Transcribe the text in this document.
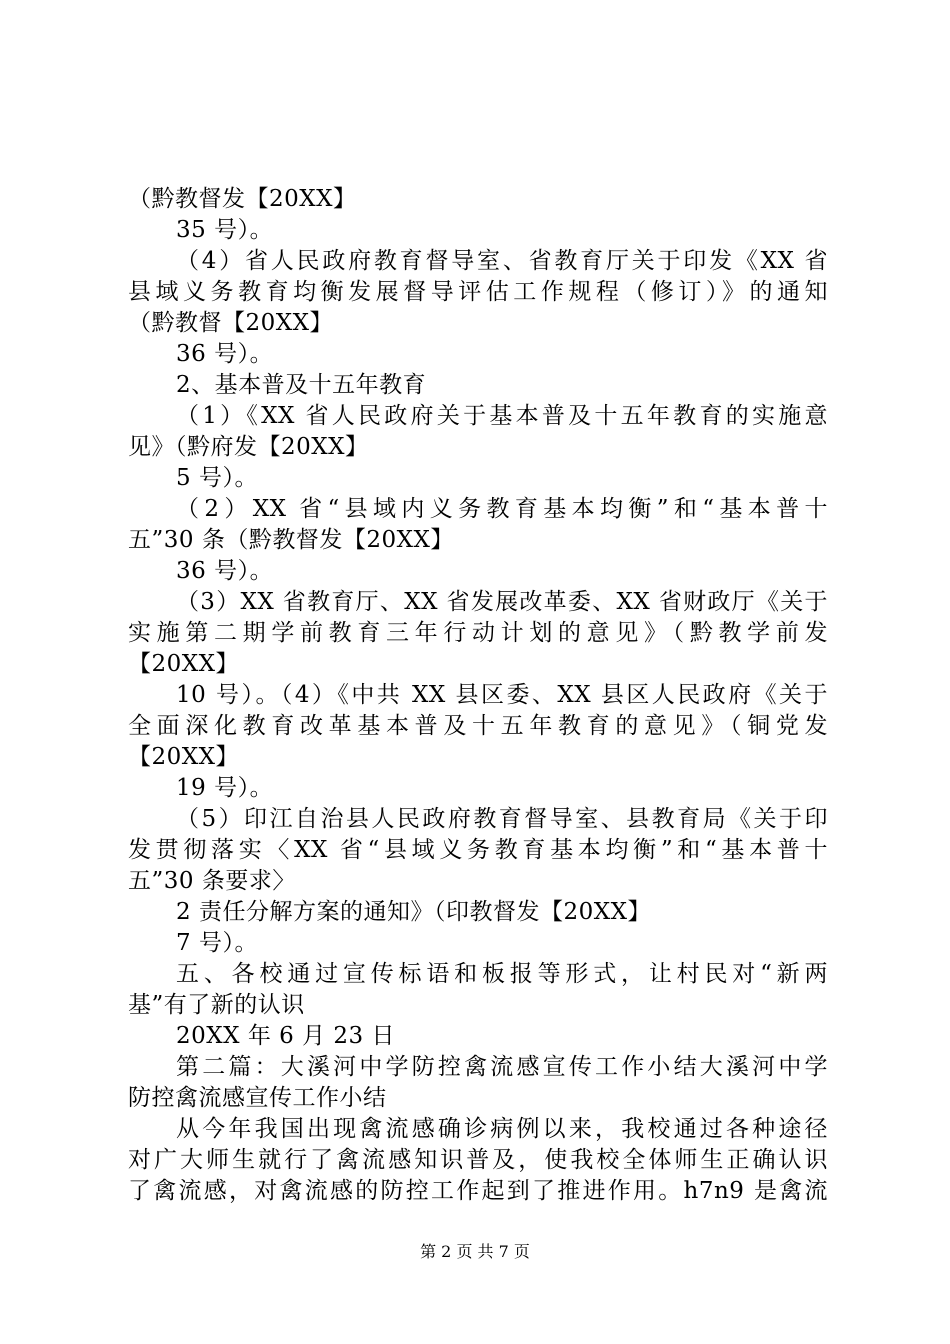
（黔教督发【20XX】
35 号）。
（4）省人民政府教育督导室、省教育厅关于印发《XX 省
县域义务教育均衡发展督导评估工作规程（修订）》的通知
（黔教督【20XX】
36 号）。
2、基本普及十五年教育
（1）《XX 省人民政府关于基本普及十五年教育的实施意
见》（黔府发【20XX】
5 号）。
（2）XX 省“县域内义务教育基本均衡”和“基本普十
五”30 条（黔教督发【20XX】
36 号）。
（3）XX 省教育厅、XX 省发展改革委、XX 省财政厅《关于
实施第二期学前教育三年行动计划的意见》（黔教学前发
【20XX】
10 号）。（4）《中共 XX 县区委、XX 县区人民政府《关于
全面深化教育改革基本普及十五年教育的意见》（铜党发
【20XX】
19 号）。
（5）印江自治县人民政府教育督导室、县教育局《关于印
发贯彻落实〈XX 省“县域义务教育基本均衡”和“基本普十
五”30 条要求〉
2 责任分解方案的通知》（印教督发【20XX】
7 号）。
五、各校通过宣传标语和板报等形式，让村民对“新两
基”有了新的认识
20XX 年 6 月 23 日
第二篇：大溪河中学防控禽流感宣传工作小结大溪河中学
防控禽流感宣传工作小结
从今年我国出现禽流感确诊病例以来，我校通过各种途径
对广大师生就行了禽流感知识普及，使我校全体师生正确认识
了禽流感，对禽流感的防控工作起到了推进作用。h7n9 是禽流
第 2 页 共 7 页
